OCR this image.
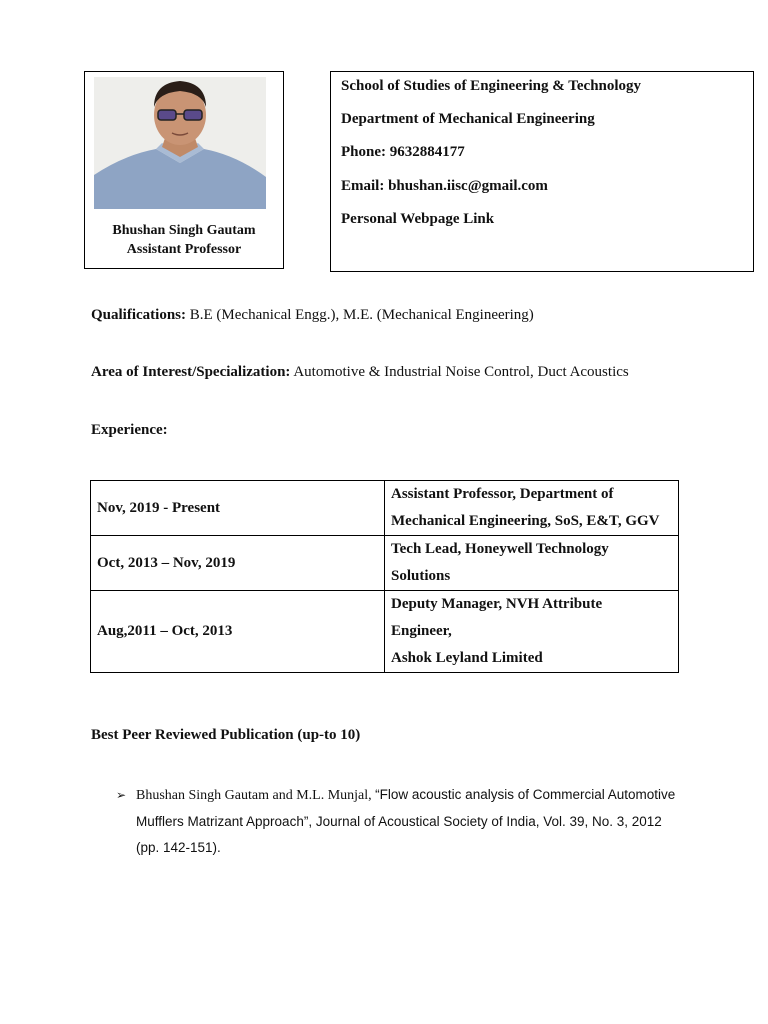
Bhushan Singh Gautam
Assistant Professor
School of Studies of Engineering & Technology
Department of Mechanical Engineering
Phone: 9632884177
Email: bhushan.iisc@gmail.com
Personal Webpage Link
Qualifications: B.E (Mechanical Engg.), M.E. (Mechanical Engineering)
Area of Interest/Specialization: Automotive & Industrial Noise Control, Duct Acoustics
Experience:
Nov, 2019 - Present	Assistant Professor, Department of
Mechanical Engineering, SoS, E&T, GGV

Oct, 2013 – Nov, 2019	Tech Lead, Honeywell Technology
Solutions

Aug,2011 – Oct, 2013	Deputy Manager, NVH Attribute
Engineer,
Ashok Leyland Limited
Best Peer Reviewed Publication (up-to 10)
➢ Bhushan Singh Gautam and M.L. Munjal, “Flow acoustic analysis of Commercial Automotive Mufflers Matrizant Approach”, Journal of Acoustical Society of India, Vol. 39, No. 3, 2012 (pp. 142-151).
